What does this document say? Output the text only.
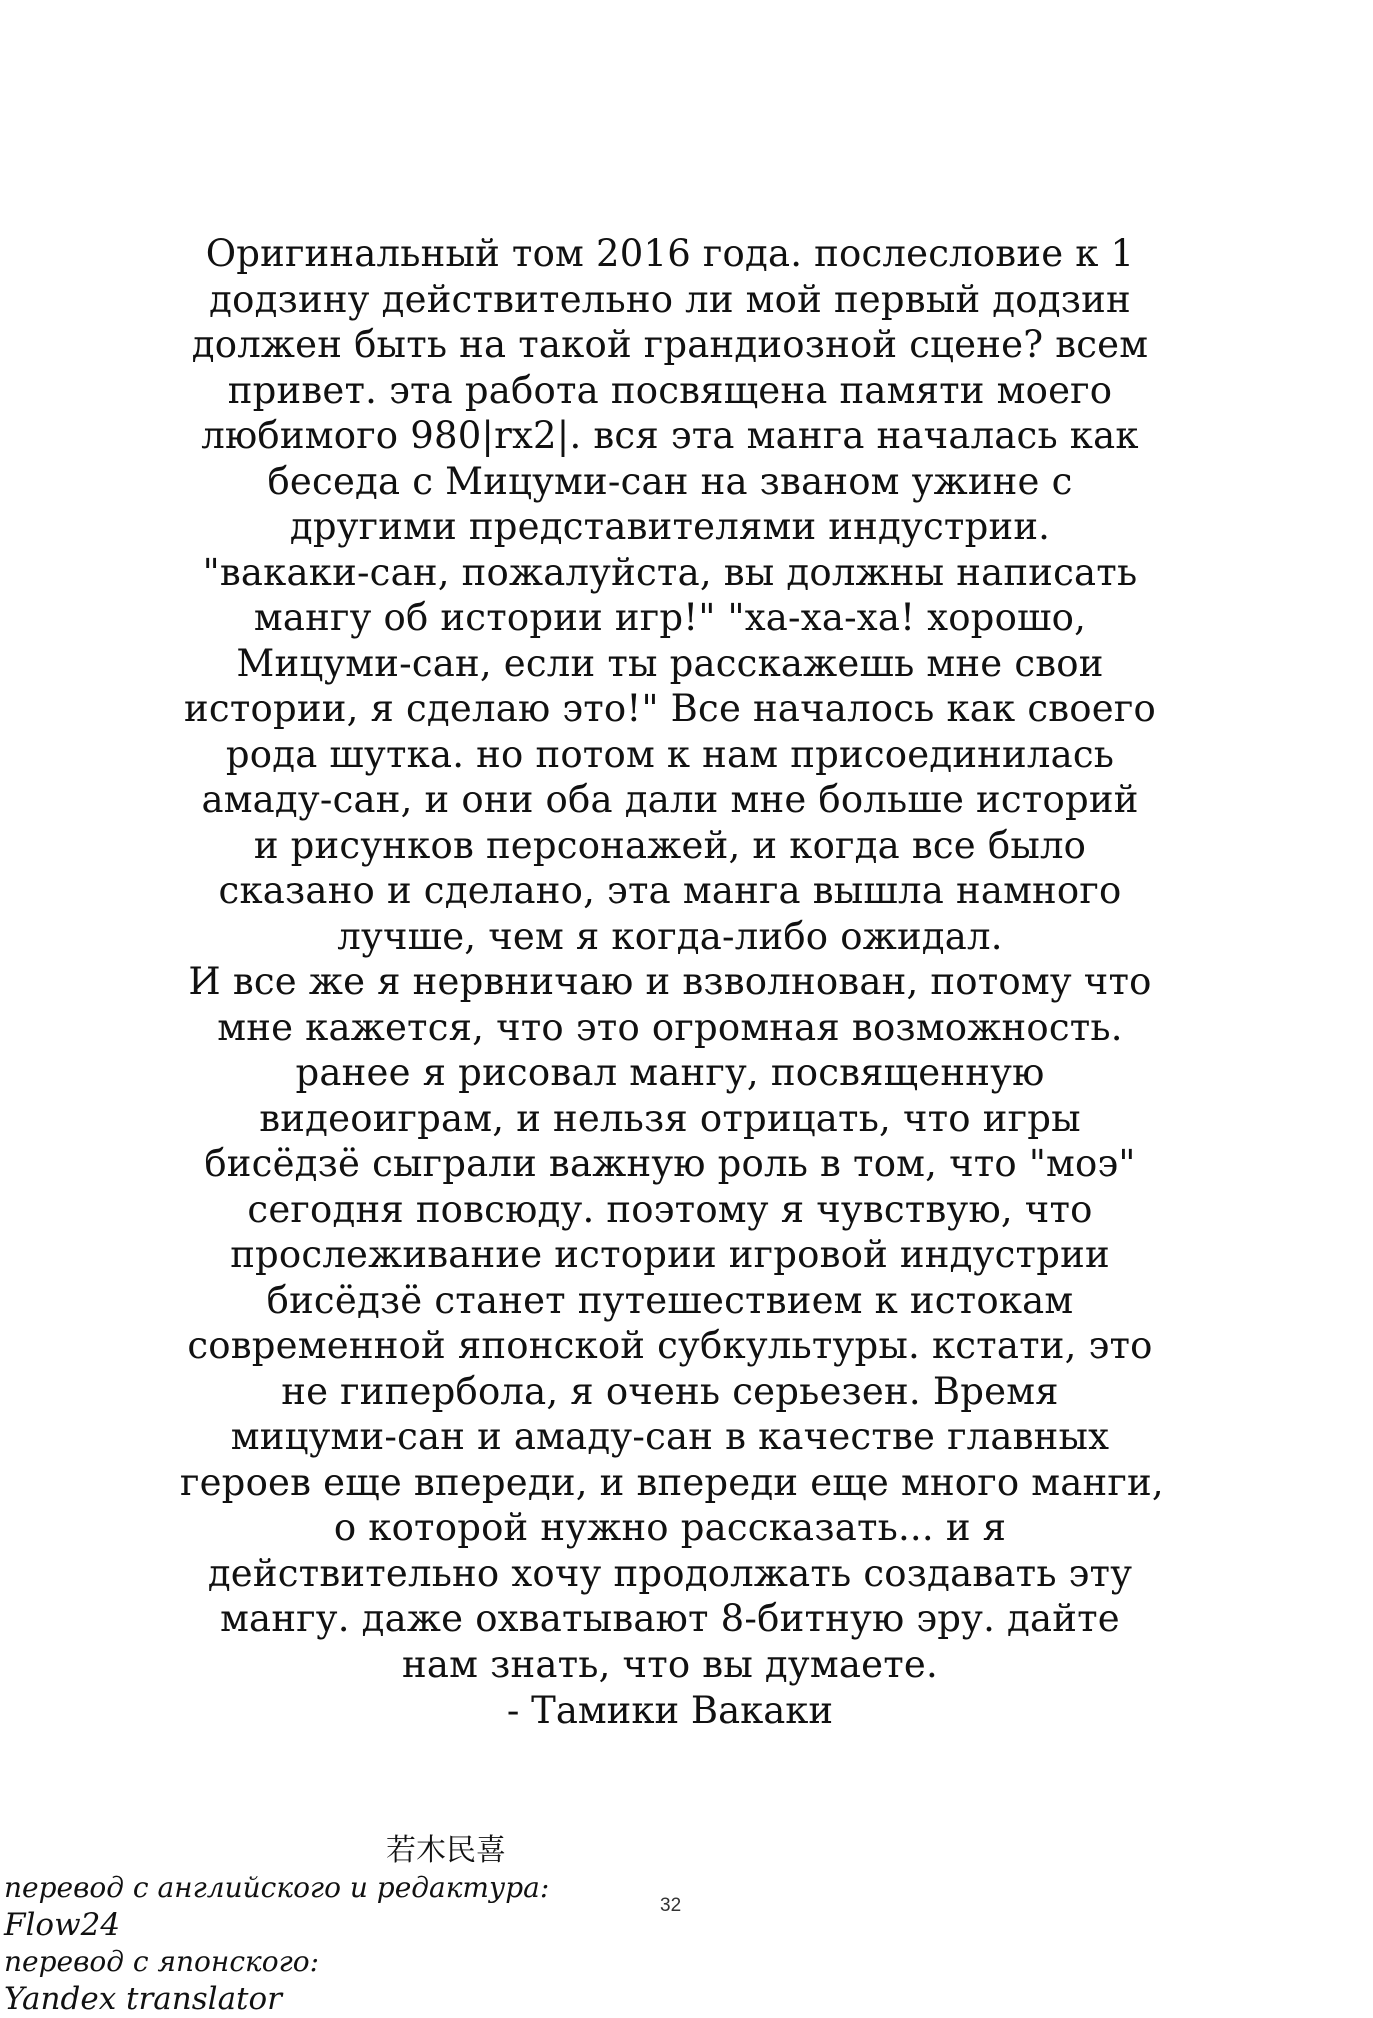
Оригинальный том 2016 года. послесловие к 1
додзину действительно ли мой первый додзин
должен быть на такой грандиозной сцене? всем
привет. эта работа посвящена памяти моего
любимого 980|rx2|. вся эта манга началась как
беседа с Мицуми-сан на званом ужине с
другими представителями индустрии.
"вакаки-сан, пожалуйста, вы должны написать
мангу об истории игр!" "ха-ха-ха! хорошо,
Мицуми-сан, если ты расскажешь мне свои
истории, я сделаю это!" Все началось как своего
рода шутка. но потом к нам присоединилась
амаду-сан, и они оба дали мне больше историй
и рисунков персонажей, и когда все было
сказано и сделано, эта манга вышла намного
лучше, чем я когда-либо ожидал.
И все же я нервничаю и взволнован, потому что
мне кажется, что это огромная возможность.
ранее я рисовал мангу, посвященную
видеоиграм, и нельзя отрицать, что игры
бисёдзё сыграли важную роль в том, что "моэ"
сегодня повсюду. поэтому я чувствую, что
прослеживание истории игровой индустрии
бисёдзё станет путешествием к истокам
современной японской субкультуры. кстати, это
не гипербола, я очень серьезен. Время
мицуми-сан и амаду-сан в качестве главных
героев еще впереди, и впереди еще много манги,
о которой нужно рассказать... и я
действительно хочу продолжать создавать эту
мангу. даже охватывают 8-битную эру. дайте
нам знать, что вы думаете.
- Тамики Вакаки
若木民喜
перевод с английского и редактура:
Flow24
перевод с японского:
Yandex translator
32
